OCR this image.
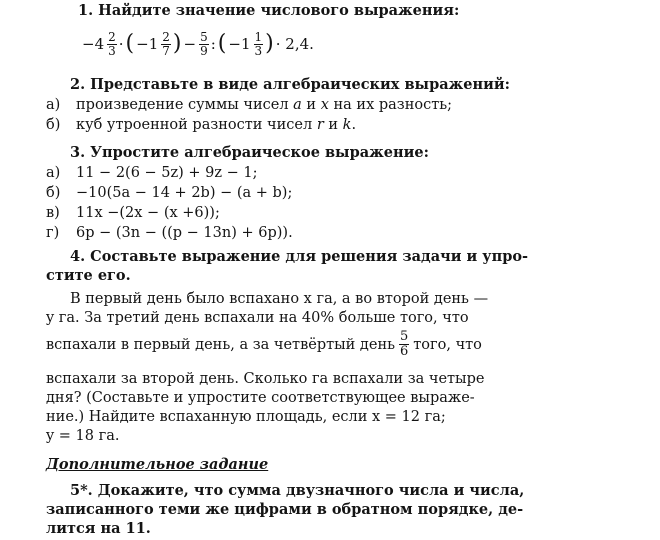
1. Найдите значение числового выражения:
$-4 \frac{2}{3}$ · ( $-1 \frac{2}{7}$ ) − $\frac{5}{9}$ : ( $-1 \frac{1}{3}$ ) · 2,4.
2. Представьте в виде алгебраических выражений:
а) произведение суммы чисел a и x на их разность;
б) куб утроенной разности чисел r и k.
3. Упростите алгебраическое выражение:
а) 11 − 2(6 − 5z) + 9z − 1;
б) −10(5a − 14 + 2b) − (a + b);
в) 11x −(2x − (x +6));
г) 6p − (3n − ((p − 13n) + 6p)).
4. Составьте выражение для решения задачи и упро-
стите его.
В первый день было вспахано x га, а во второй день —
y га. За третий день вспахали на 40% больше того, что
вспахали в первый день, а за четвёртый день 5
6 того, что
вспахали за второй день. Сколько га вспахали за четыре
дня? (Составьте и упростите соответствующее выраже-
ние.) Найдите вспаханную площадь, если x = 12 га;
y = 18 га.
Дополнительное задание
5*. Докажите, что сумма двузначного числа и числа,
записанного теми же цифрами в обратном порядке, де-
лится на 11.
